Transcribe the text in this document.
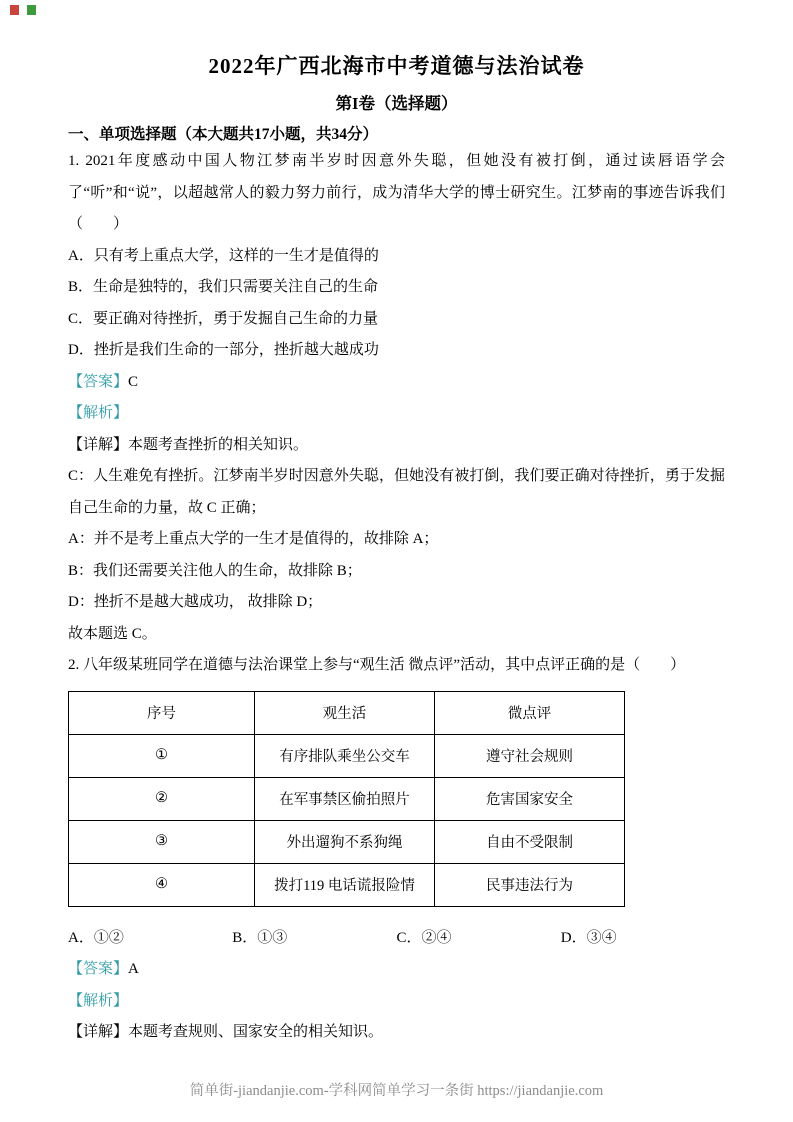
2022年广西北海市中考道德与法治试卷
第I卷（选择题）
一、单项选择题（本大题共17小题，共34分）

1. 2021年度感动中国人物江梦南半岁时因意外失聪，但她没有被打倒，通过读唇语学会了“听”和“说”，以超越常人的毅力努力前行，成为清华大学的博士研究生。江梦南的事迹告诉我们（　　）

A．只有考上重点大学，这样的一生才是值得的

B．生命是独特的，我们只需要关注自己的生命

C．要正确对待挫折，勇于发掘自己生命的力量

D．挫折是我们生命的一部分，挫折越大越成功

【答案】C

【解析】

【详解】本题考查挫折的相关知识。

C：人生难免有挫折。江梦南半岁时因意外失聪，但她没有被打倒，我们要正确对待挫折，勇于发掘自己生命的力量，故 C 正确；

A：并不是考上重点大学的一生才是值得的，故排除 A；

B：我们还需要关注他人的生命，故排除 B；

D：挫折不是越大越成功， 故排除 D；

故本题选 C。

2. 八年级某班同学在道德与法治课堂上参与“观生活 微点评”活动，其中点评正确的是（　　）

序号	观生活	微点评
①	有序排队乘坐公交车	遵守社会规则
②	在军事禁区偷拍照片	危害国家安全
③	外出遛狗不系狗绳	自由不受限制
④	拨打119 电话谎报险情	民事违法行为
A．①②	B．①③	C．②④	D．③④

【答案】A

【解析】

【详解】本题考查规则、国家安全的相关知识。

简单街-jiandanjie.com-学科网简单学习一条街 https://jiandanjie.com
